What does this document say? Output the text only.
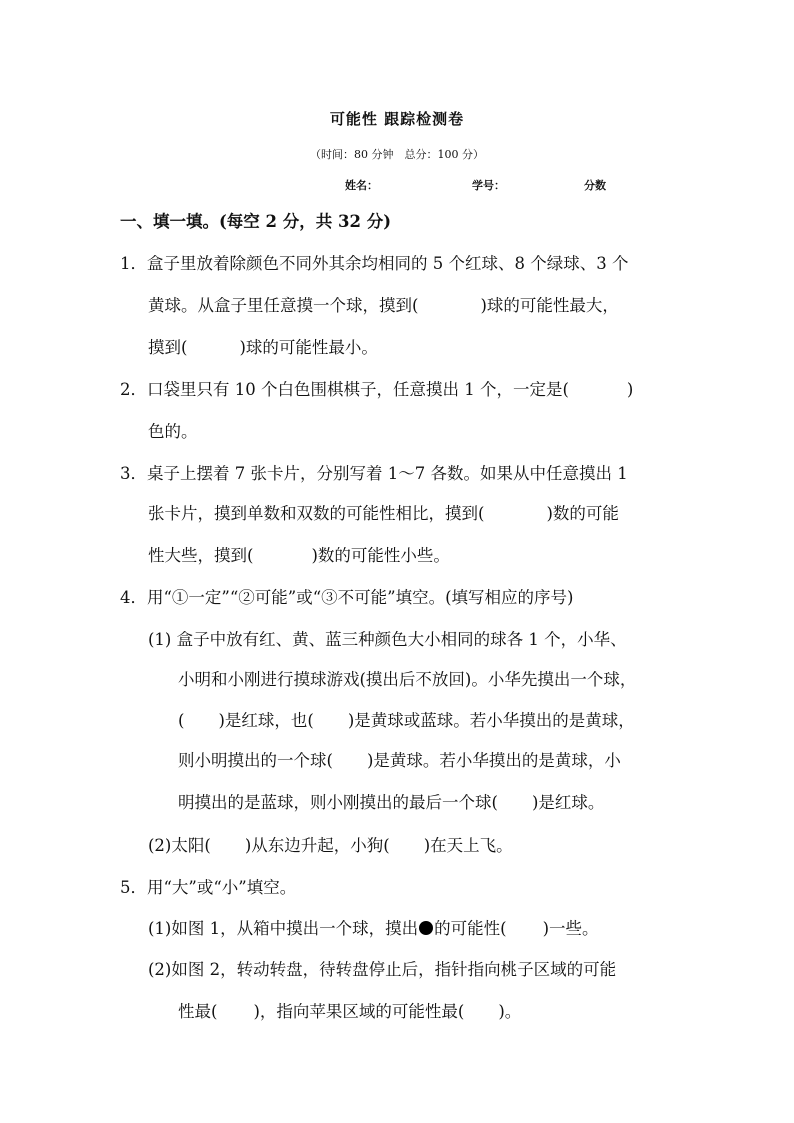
可能性 跟踪检测卷
（时间：80 分钟　总分：100 分）
姓名：	学号：	分数
一、填一填。(每空 2 分，共 32 分)
1．盒子里放着除颜色不同外其余均相同的 5 个红球、8 个绿球、3 个
黄球。从盒子里任意摸一个球，摸到(	)球的可能性最大，
摸到(	)球的可能性最小。
2．口袋里只有 10 个白色围棋棋子，任意摸出 1 个，一定是(	)
色的。
3．桌子上摆着 7 张卡片，分别写着 1～7 各数。如果从中任意摸出 1
张卡片，摸到单数和双数的可能性相比，摸到(	)数的可能
性大些，摸到(	)数的可能性小些。
4．用“①一定”“②可能”或“③不可能”填空。(填写相应的序号)
(1) 盒子中放有红、黄、蓝三种颜色大小相同的球各 1 个，小华、
小明和小刚进行摸球游戏(摸出后不放回)。小华先摸出一个球，
( )是红球，也( )是黄球或蓝球。若小华摸出的是黄球，
则小明摸出的一个球( )是黄球。若小华摸出的是黄球，小
明摸出的是蓝球，则小刚摸出的最后一个球( )是红球。
(2)太阳( )从东边升起，小狗( )在天上飞。
5．用“大”或“小”填空。
(1)如图 1，从箱中摸出一个球，摸出 的可能性( )一些。
(2)如图 2，转动转盘，待转盘停止后，指针指向桃子区域的可能
性最( )，指向苹果区域的可能性最( )。
